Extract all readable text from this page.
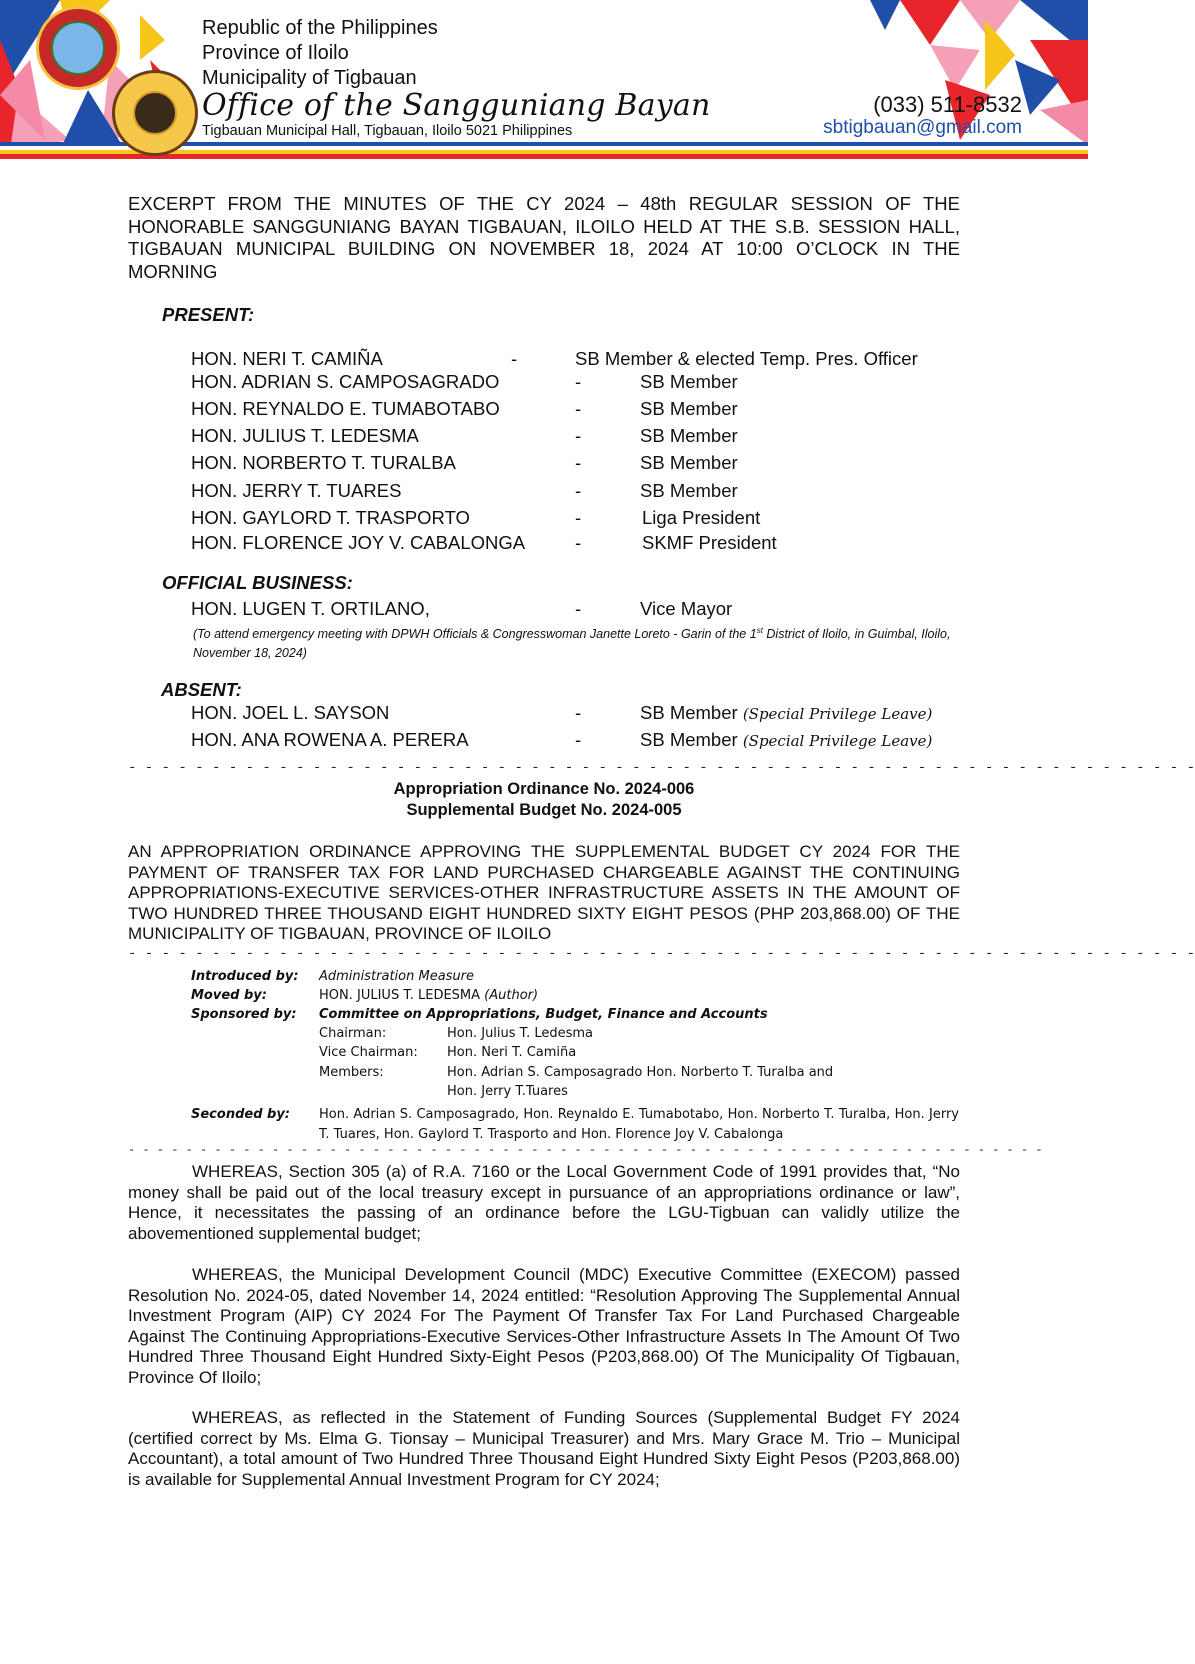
Republic of the Philippines
Province of Iloilo
Municipality of Tigbauan
Office of the Sangguniang Bayan
Tigbauan Municipal Hall, Tigbauan, Iloilo 5021 Philippines
(033) 511-8532
sbtigbauan@gmail.com
EXCERPT FROM THE MINUTES OF THE CY 2024 – 48th REGULAR SESSION OF THE HONORABLE SANGGUNIANG BAYAN TIGBAUAN, ILOILO HELD AT THE S.B. SESSION HALL, TIGBAUAN MUNICIPAL BUILDING ON NOVEMBER 18, 2024 AT 10:00 O’CLOCK IN THE MORNING
PRESENT:
HON. NERI T. CAMIÑA	-	SB Member & elected Temp. Pres. Officer
HON. ADRIAN S. CAMPOSAGRADO	-	SB Member
HON. REYNALDO E. TUMABOTABO	-	SB Member
HON. JULIUS T. LEDESMA	-	SB Member
HON. NORBERTO T. TURALBA	-	SB Member
HON. JERRY T. TUARES	-	SB Member
HON. GAYLORD T. TRASPORTO	-	Liga President
HON. FLORENCE JOY V. CABALONGA	-	SKMF President
OFFICIAL BUSINESS:
HON. LUGEN T. ORTILANO,	-	Vice Mayor
(To attend emergency meeting with DPWH Officials & Congresswoman Janette Loreto - Garin of the 1st District of Iloilo, in Guimbal, Iloilo, November 18, 2024)
ABSENT:
HON. JOEL L. SAYSON	-	SB Member (Special Privilege Leave)
HON. ANA ROWENA A. PERERA	-	SB Member (Special Privilege Leave)
- - - - - - - - - - - - - - - - - - - - - - - - - - - - - - - - - - - - - - - - - - - - - - - - - - - - - - - - - - - - - - - -
Appropriation Ordinance No. 2024-006
Supplemental Budget No. 2024-005
AN APPROPRIATION ORDINANCE APPROVING THE SUPPLEMENTAL BUDGET CY 2024 FOR THE PAYMENT OF TRANSFER TAX FOR LAND PURCHASED CHARGEABLE AGAINST THE CONTINUING APPROPRIATIONS-EXECUTIVE SERVICES-OTHER INFRASTRUCTURE ASSETS IN THE AMOUNT OF TWO HUNDRED THREE THOUSAND EIGHT HUNDRED SIXTY EIGHT PESOS (PHP 203,868.00) OF THE MUNICIPALITY OF TIGBAUAN, PROVINCE OF ILOILO
- - - - - - - - - - - - - - - - - - - - - - - - - - - - - - - - - - - - - - - - - - - - - - - - - - - - - - - - - - - - - - - -
Introduced by: Administration Measure
Moved by:	HON. JULIUS T. LEDESMA (Author)
Sponsored by: Committee on Appropriations, Budget, Finance and Accounts
Chairman:	Hon. Julius T. Ledesma
Vice Chairman: Hon. Neri T. Camiña
Members:	Hon. Adrian S. Camposagrado Hon. Norberto T. Turalba and
Hon. Jerry T.Tuares
Seconded by: Hon. Adrian S. Camposagrado, Hon. Reynaldo E. Tumabotabo, Hon. Norberto T. Turalba, Hon. Jerry T. Tuares, Hon. Gaylord T. Trasporto and Hon. Florence Joy V. Cabalonga
- - - - - - - - - - - - - - - - - - - - - - - - - - - - - - - - - - - - - - - - - - - - - - - - - - - - - - - - - - - - - - - -
WHEREAS, Section 305 (a) of R.A. 7160 or the Local Government Code of 1991 provides that, “No money shall be paid out of the local treasury except in pursuance of an appropriations ordinance or law”, Hence, it necessitates the passing of an ordinance before the LGU-Tigbuan can validly utilize the abovementioned supplemental budget;
WHEREAS, the Municipal Development Council (MDC) Executive Committee (EXECOM) passed Resolution No. 2024-05, dated November 14, 2024 entitled: “Resolution Approving The Supplemental Annual Investment Program (AIP) CY 2024 For The Payment Of Transfer Tax For Land Purchased Chargeable Against The Continuing Appropriations-Executive Services-Other Infrastructure Assets In The Amount Of Two Hundred Three Thousand Eight Hundred Sixty-Eight Pesos (P203,868.00) Of The Municipality Of Tigbauan, Province Of Iloilo;
WHEREAS, as reflected in the Statement of Funding Sources (Supplemental Budget FY 2024 (certified correct by Ms. Elma G. Tionsay – Municipal Treasurer) and Mrs. Mary Grace M. Trio – Municipal Accountant), a total amount of Two Hundred Three Thousand Eight Hundred Sixty Eight Pesos (P203,868.00) is available for Supplemental Annual Investment Program for CY 2024;
